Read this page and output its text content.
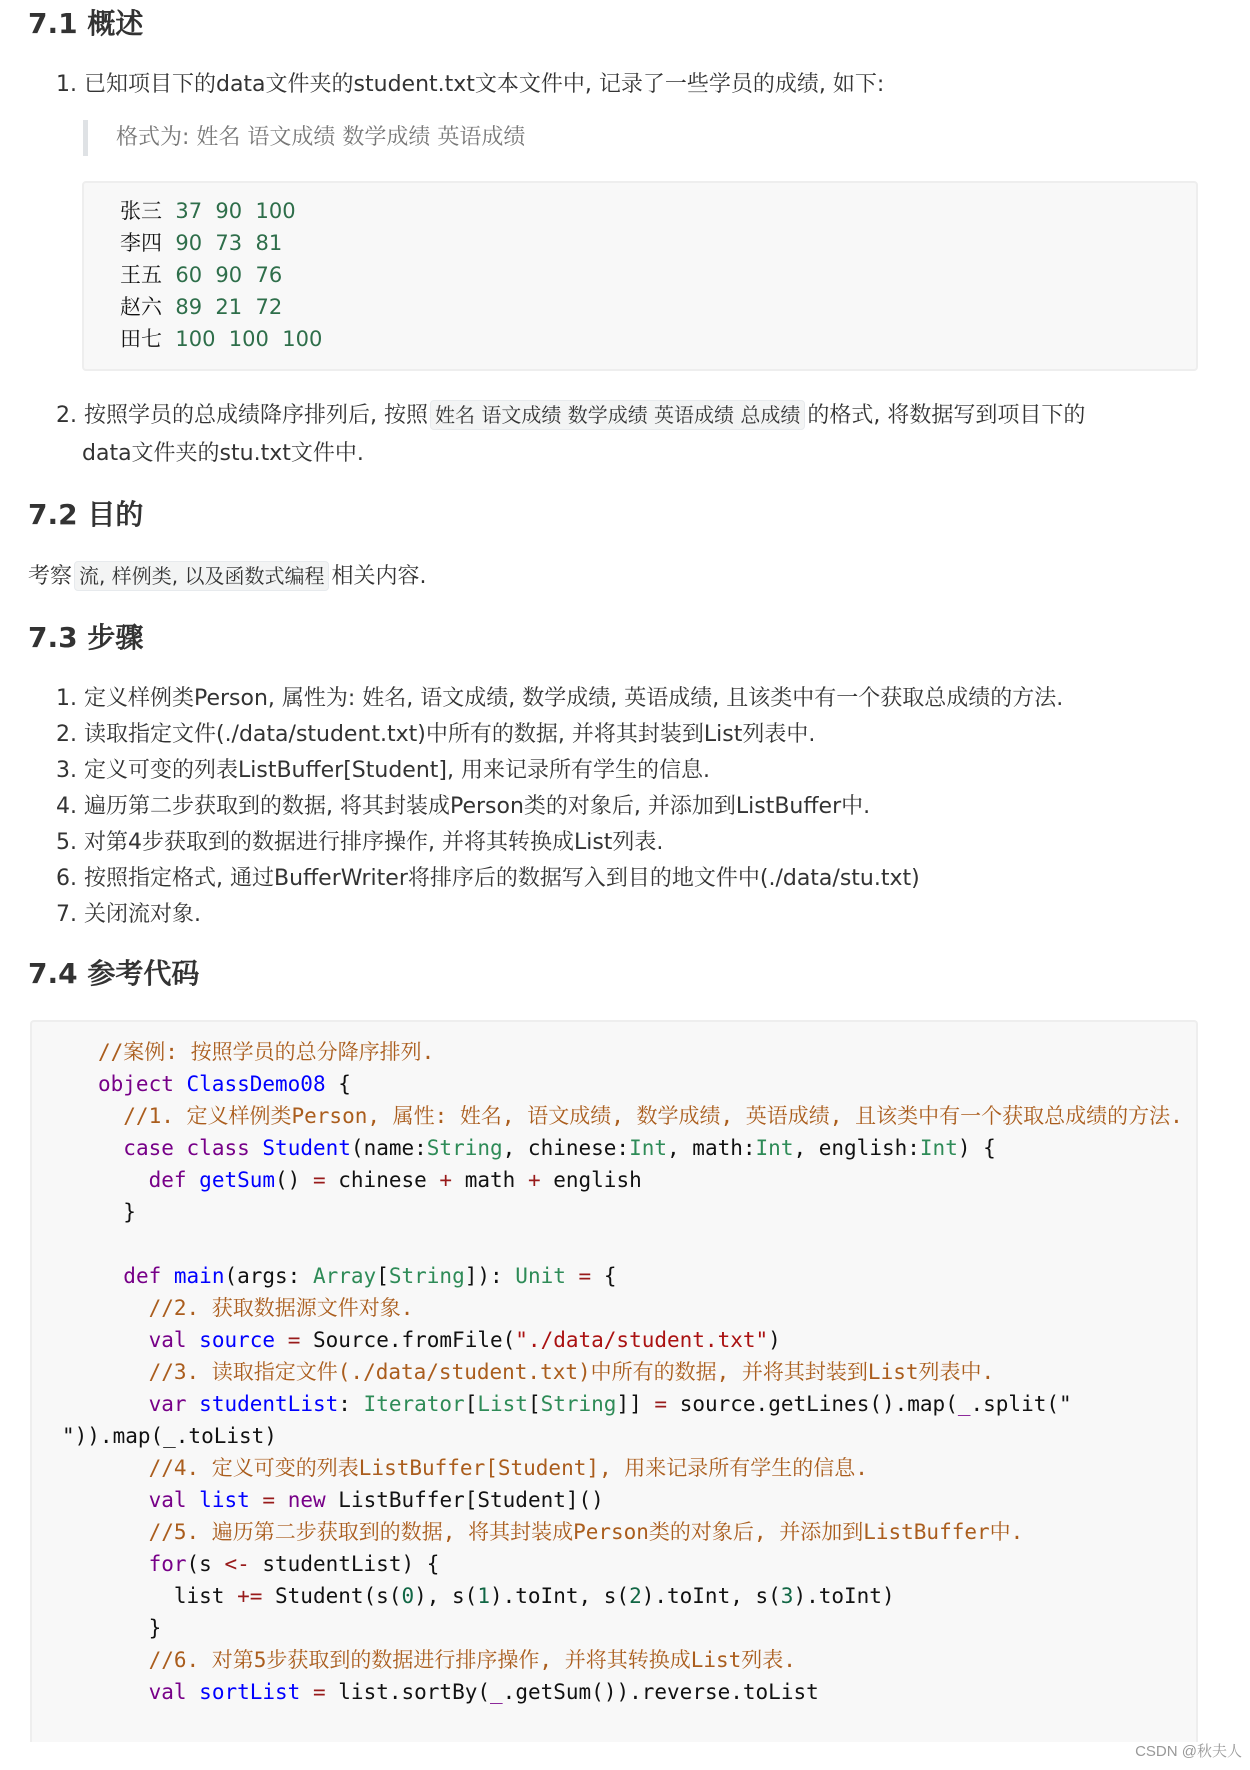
7.1 概述
1. 已知项目下的data文件夹的student.txt文本文件中, 记录了一些学员的成绩, 如下:
格式为: 姓名 语文成绩 数学成绩 英语成绩
张三 37  90  100
李四 90  73  81
王五 60  90  76
赵六 89  21  72
田七 100  100  100
2. 按照学员的总成绩降序排列后, 按照 姓名 语文成绩 数学成绩 英语成绩 总成绩 的格式, 将数据写到项目下的
data文件夹的stu.txt文件中.
7.2 目的
考察 流, 样例类, 以及函数式编程 相关内容.
7.3 步骤
1. 定义样例类Person, 属性为: 姓名, 语文成绩, 数学成绩, 英语成绩, 且该类中有一个获取总成绩的方法.
2. 读取指定文件(./data/student.txt)中所有的数据, 并将其封装到List列表中.
3. 定义可变的列表ListBuffer[Student], 用来记录所有学生的信息.
4. 遍历第二步获取到的数据, 将其封装成Person类的对象后, 并添加到ListBuffer中.
5. 对第4步获取到的数据进行排序操作, 并将其转换成List列表.
6. 按照指定格式, 通过BufferWriter将排序后的数据写入到目的地文件中(./data/stu.txt)
7. 关闭流对象.
7.4 参考代码
//案例: 按照学员的总分降序排列.
object ClassDemo08 {
//1. 定义样例类Person, 属性: 姓名, 语文成绩, 数学成绩, 英语成绩, 且该类中有一个获取总成绩的方法.
case class Student(name:String, chinese:Int, math:Int, english:Int) {
def getSum() = chinese + math + english
}
def main(args: Array[String]): Unit = {
//2. 获取数据源文件对象.
val source = Source.fromFile("./data/student.txt")
//3. 读取指定文件(./data/student.txt)中所有的数据, 并将其封装到List列表中.
var studentList: Iterator[List[String]] = source.getLines().map(_.split("
")).map(_.toList)
//4. 定义可变的列表ListBuffer[Student], 用来记录所有学生的信息.
val list = new ListBuffer[Student]()
//5. 遍历第二步获取到的数据, 将其封装成Person类的对象后, 并添加到ListBuffer中.
for(s <- studentList) {
list += Student(s(0), s(1).toInt, s(2).toInt, s(3).toInt)
}
//6. 对第5步获取到的数据进行排序操作, 并将其转换成List列表.
val sortList = list.sortBy(_.getSum()).reverse.toList
CSDN @秋夫人
